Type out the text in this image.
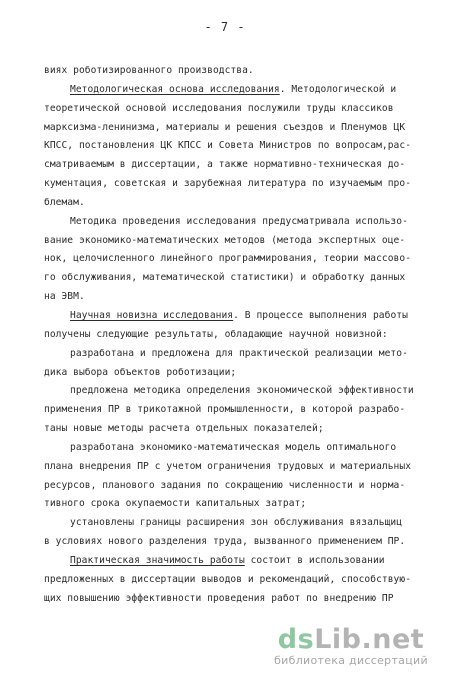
- 7 -
виях роботизированного производства.
Методологическая основа исследования. Методологической и
теоретической основой исследования послужили труды классиков
марксизма-ленинизма, материалы и решения съездов и Пленумов ЦК
КПСС, постановления ЦК КПСС и Совета Министров по вопросам,рас-
сматриваемым в диссертации, а также нормативно-техническая до-
кументация, советская и зарубежная литература по изучаемым про-
блемам.
Методика проведения исследования предусматривала использо-
вание экономико-математических методов (метода экспертных оце-
нок, целочисленного линейного программирования, теории массово-
го обслуживания, математической статистики) и обработку данных
на ЭВМ.
Научная новизна исследования. В процессе выполнения работы
получены следующие результаты, обладающие научной новизной:
разработана и предложена для практической реализации мето-
дика выбора объектов роботизации;
предложена методика определения экономической эффективности
применения ПР в трикотажной промышленности, в которой разрабо-
таны новые методы расчета отдельных показателей;
разработана экономико-математическая модель оптимального
плана внедрения ПР с учетом ограничения трудовых и материальных
ресурсов, планового задания по сокращению численности и норма-
тивного срока окупаемости капитальных затрат;
установлены границы расширения зон обслуживания вязальщиц
в условиях нового разделения труда, вызванного применением ПР.
Практическая значимость работы состоит в использовании
предложенных в диссертации выводов и рекомендаций, способствую-
щих повышению эффективности проведения работ по внедрению ПР
dsLib.net
библиотека диссертаций
